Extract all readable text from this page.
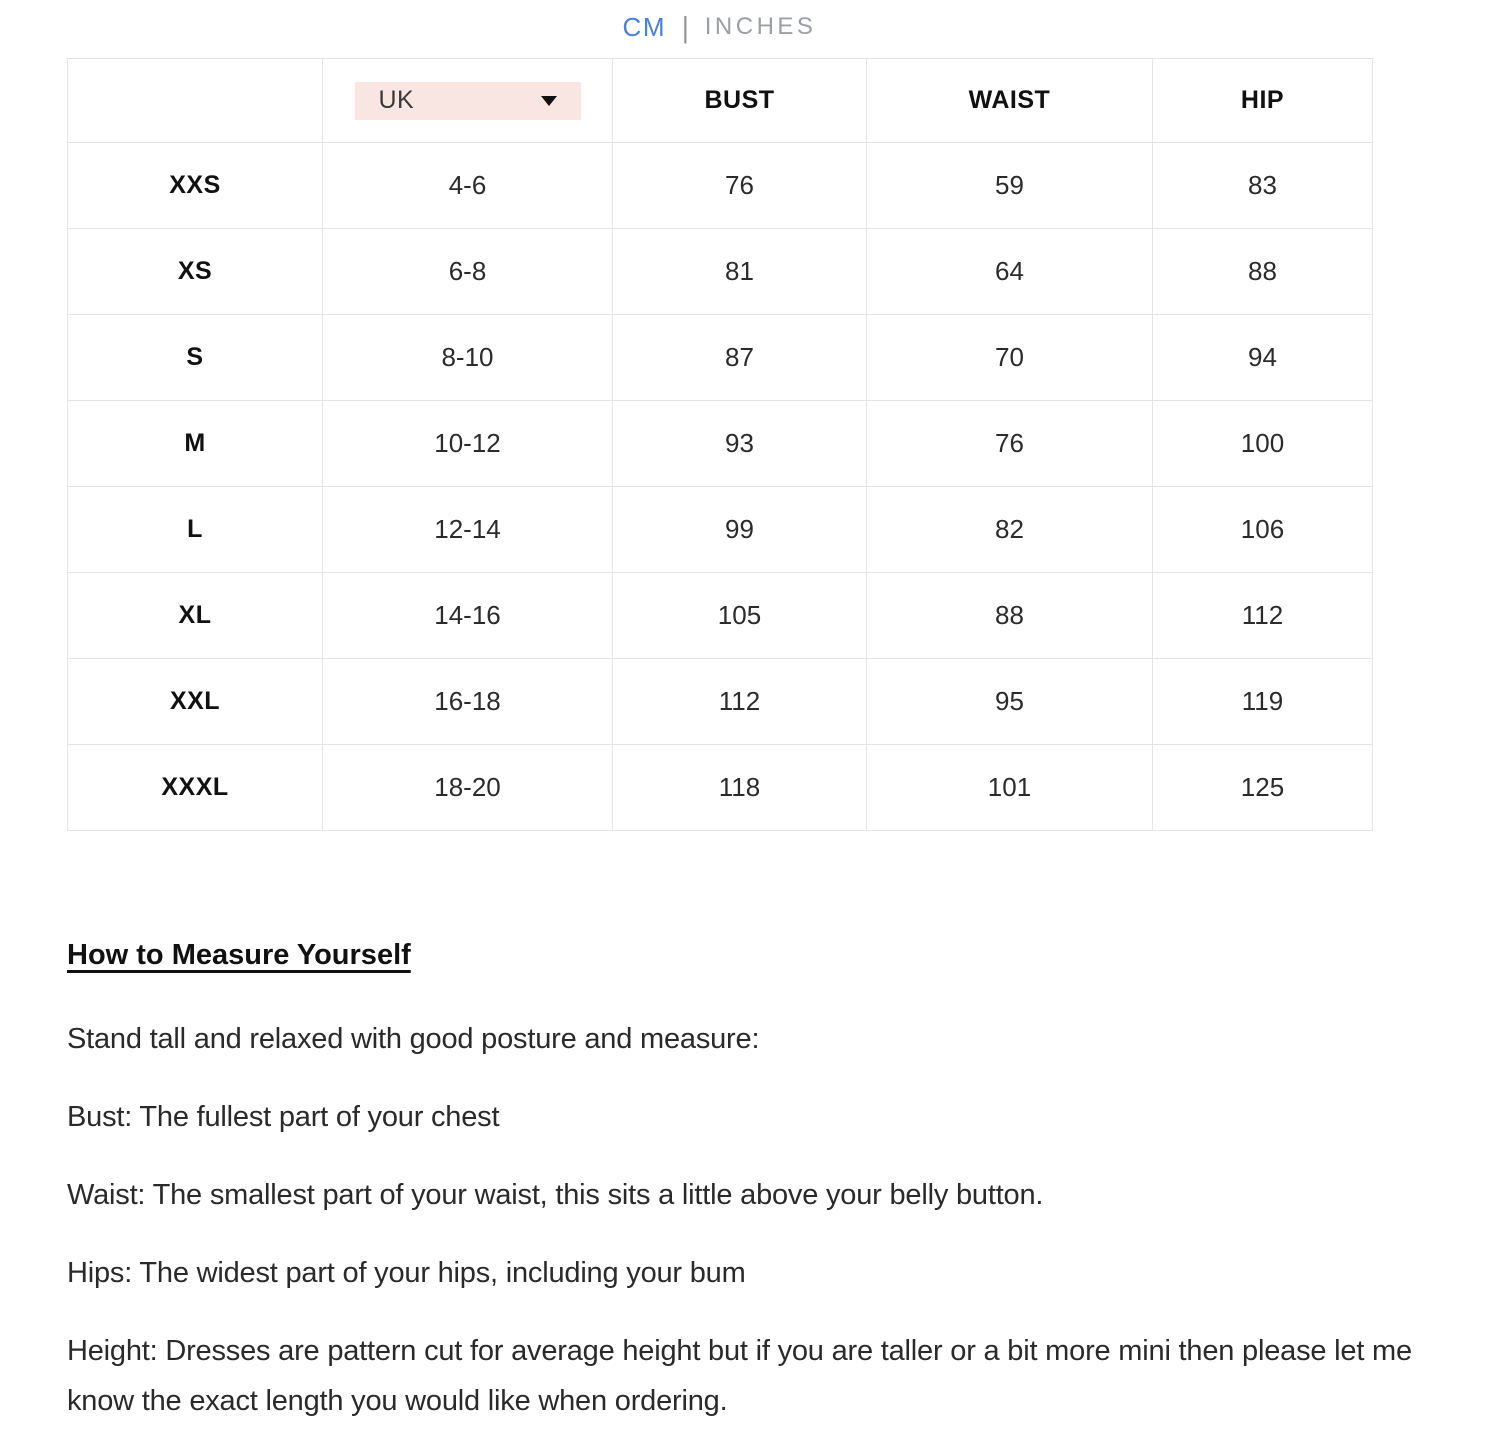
CM | INCHES

	UK	BUST	WAIST	HIP
XXS	4-6	76	59	83
XS	6-8	81	64	88
S	8-10	87	70	94
M	10-12	93	76	100
L	12-14	99	82	106
XL	14-16	105	88	112
XXL	16-18	112	95	119
XXXL	18-20	118	101	125
How to Measure Yourself

Stand tall and relaxed with good posture and measure:

Bust: The fullest part of your chest

Waist: The smallest part of your waist, this sits a little above your belly button.

Hips: The widest part of your hips, including your bum

Height: Dresses are pattern cut for average height but if you are taller or a bit more mini then please let me know the exact length you would like when ordering.
